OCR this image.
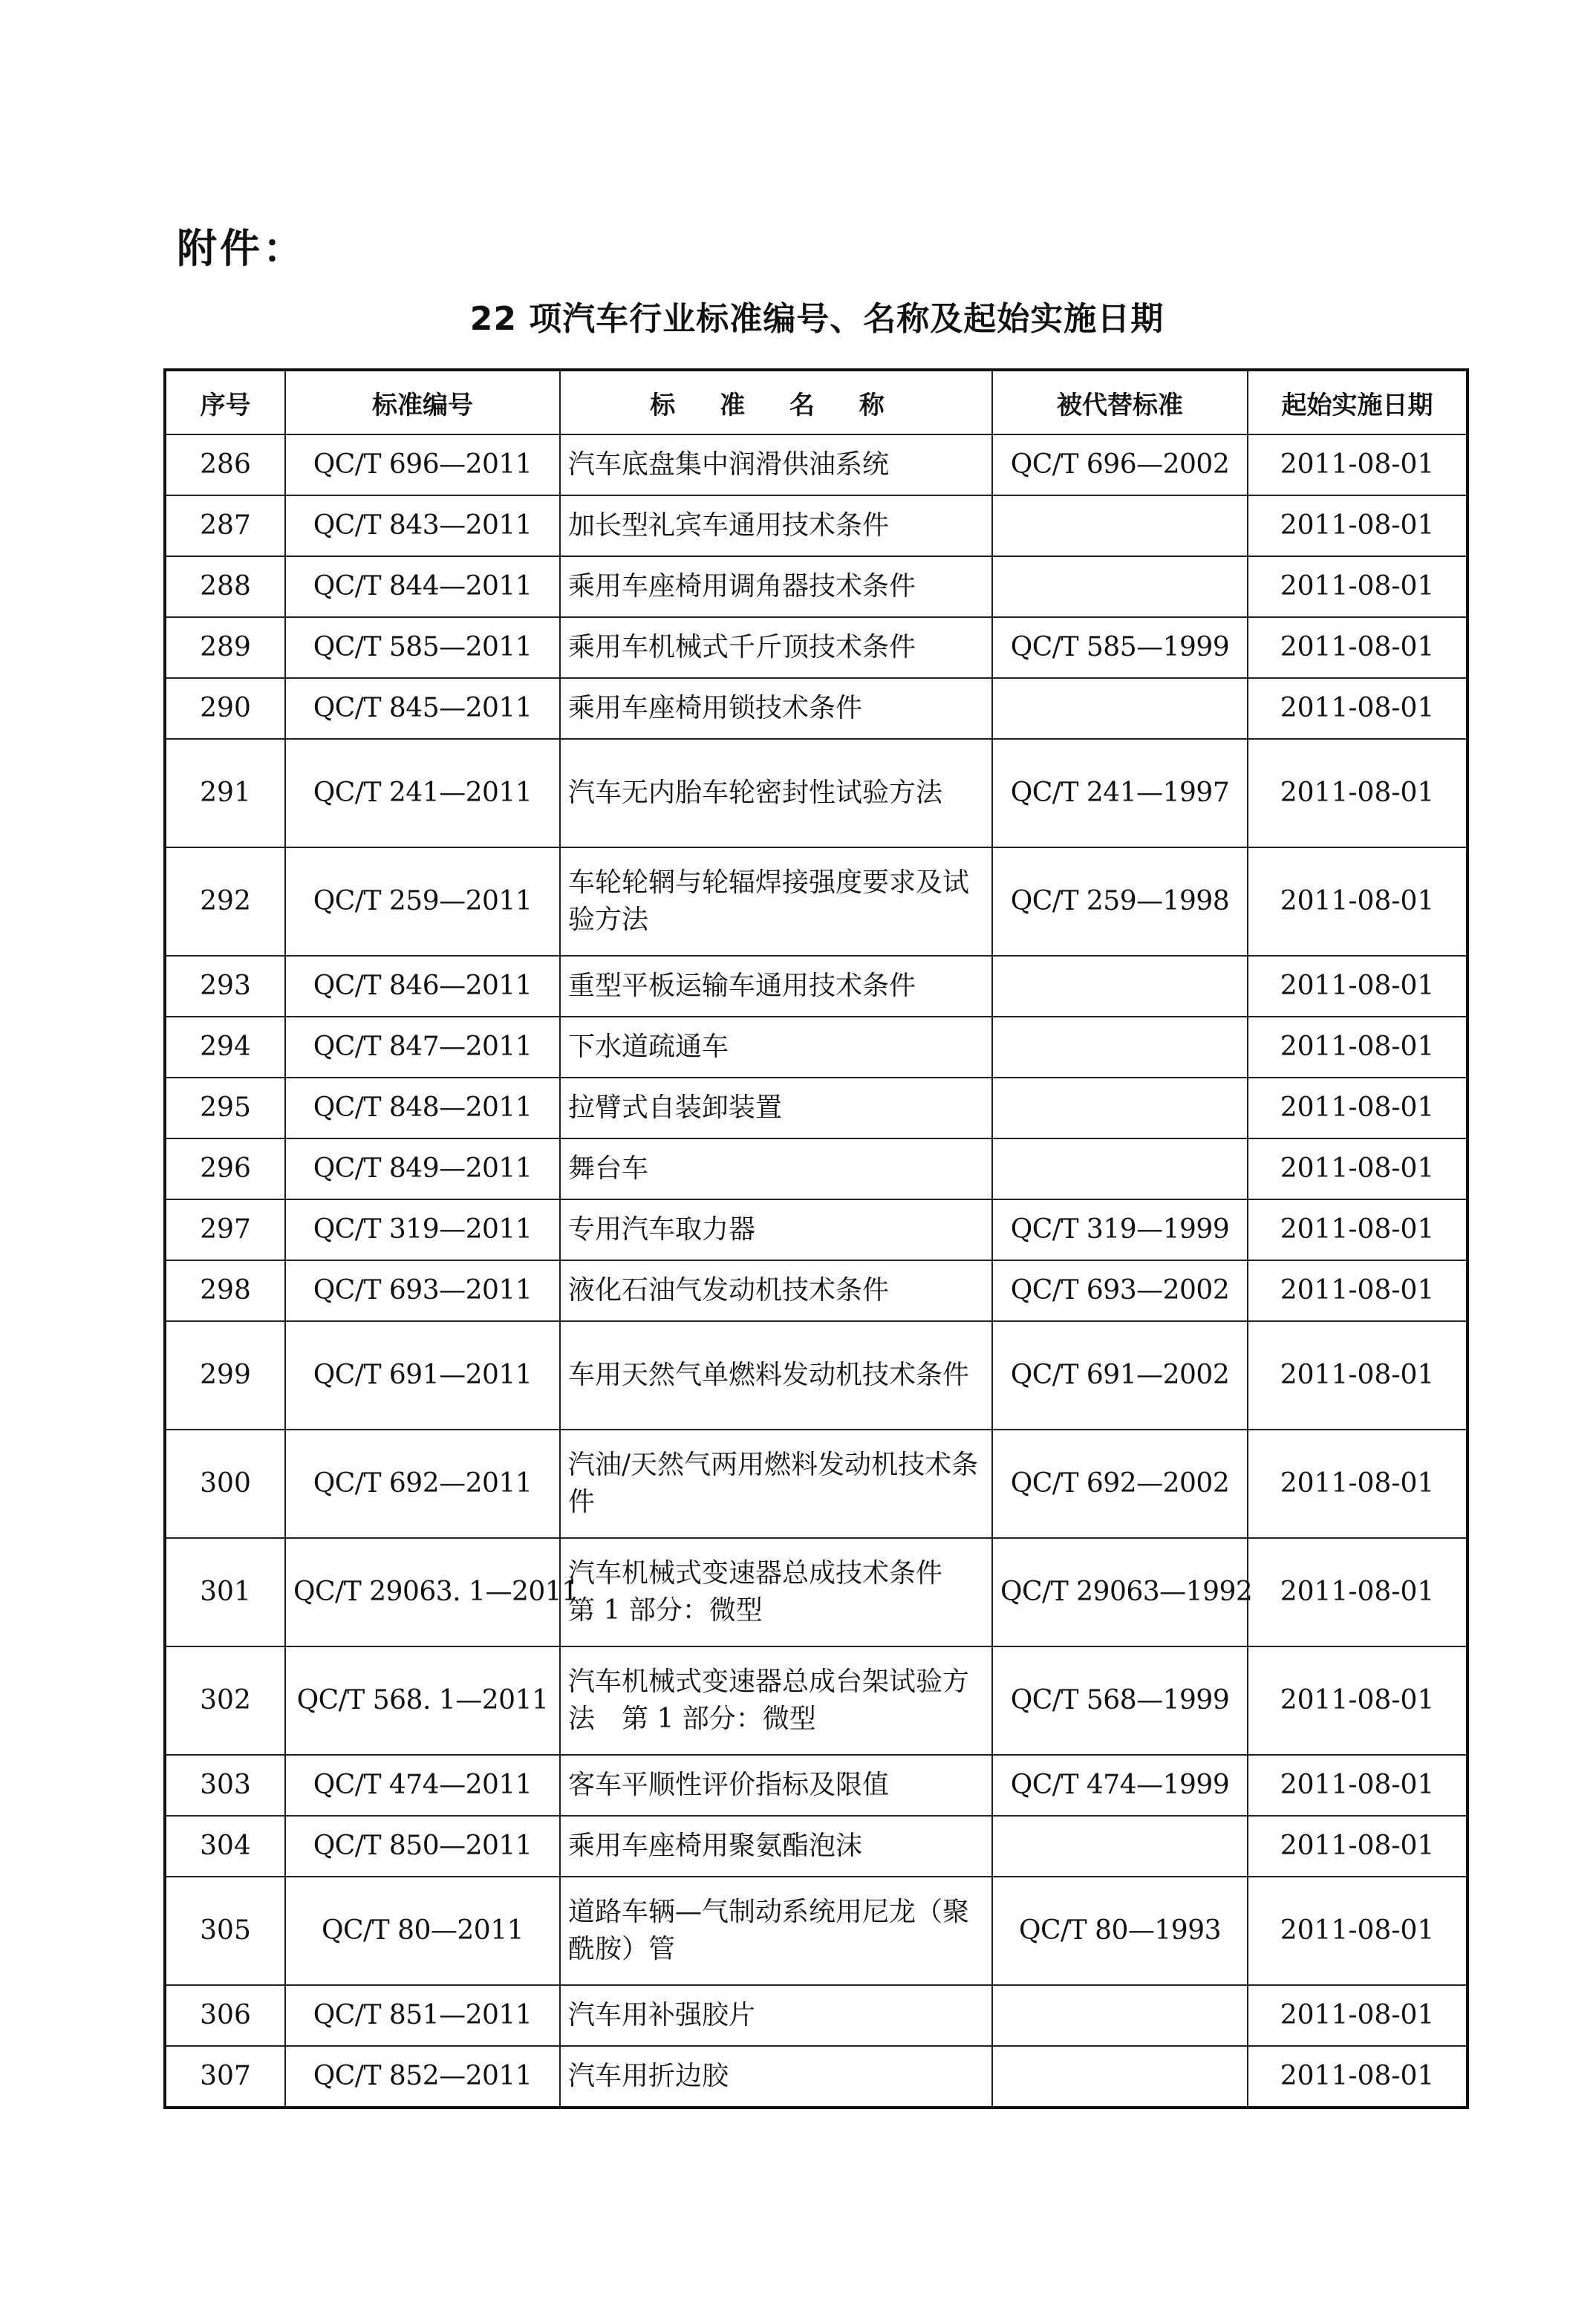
附件：
22 项汽车行业标准编号、名称及起始实施日期
序号	标准编号	标 准 名 称	被代替标准	起始实施日期
286	QC/T 696—2011	汽车底盘集中润滑供油系统	QC/T 696—2002	2011-08-01
287	QC/T 843—2011	加长型礼宾车通用技术条件		2011-08-01
288	QC/T 844—2011	乘用车座椅用调角器技术条件		2011-08-01
289	QC/T 585—2011	乘用车机械式千斤顶技术条件	QC/T 585—1999	2011-08-01
290	QC/T 845—2011	乘用车座椅用锁技术条件		2011-08-01
291	QC/T 241—2011	汽车无内胎车轮密封性试验方法	QC/T 241—1997	2011-08-01
292	QC/T 259—2011	车轮轮辋与轮辐焊接强度要求及试验方法	QC/T 259—1998	2011-08-01
293	QC/T 846—2011	重型平板运输车通用技术条件		2011-08-01
294	QC/T 847—2011	下水道疏通车		2011-08-01
295	QC/T 848—2011	拉臂式自装卸装置		2011-08-01
296	QC/T 849—2011	舞台车		2011-08-01
297	QC/T 319—2011	专用汽车取力器	QC/T 319—1999	2011-08-01
298	QC/T 693—2011	液化石油气发动机技术条件	QC/T 693—2002	2011-08-01
299	QC/T 691—2011	车用天然气单燃料发动机技术条件	QC/T 691—2002	2011-08-01
300	QC/T 692—2011	汽油/天然气两用燃料发动机技术条件	QC/T 692—2002	2011-08-01
301	QC/T 29063. 1—2011	汽车机械式变速器总成技术条件　第 1 部分：微型	QC/T 29063—1992	2011-08-01
302	QC/T 568. 1—2011	汽车机械式变速器总成台架试验方法　第 1 部分：微型	QC/T 568—1999	2011-08-01
303	QC/T 474—2011	客车平顺性评价指标及限值	QC/T 474—1999	2011-08-01
304	QC/T 850—2011	乘用车座椅用聚氨酯泡沫		2011-08-01
305	QC/T 80—2011	道路车辆—气制动系统用尼龙（聚酰胺）管	QC/T 80—1993	2011-08-01
306	QC/T 851—2011	汽车用补强胶片		2011-08-01
307	QC/T 852—2011	汽车用折边胶		2011-08-01
